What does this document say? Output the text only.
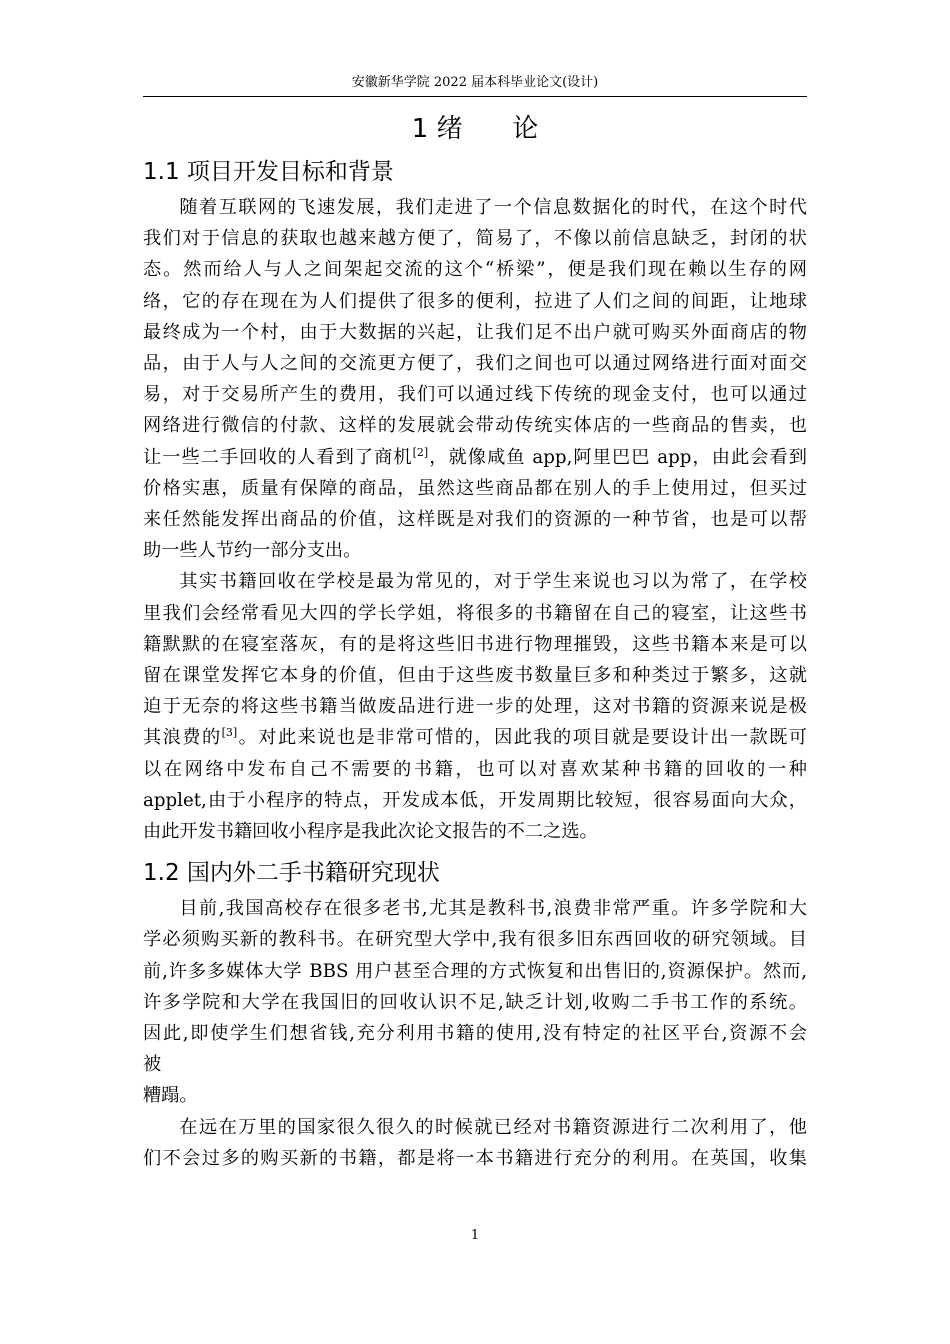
安徽新华学院 2022 届本科毕业论文(设计)
1 绪      论
1.1 项目开发目标和背景
随着互联网的飞速发展，我们走进了一个信息数据化的时代，在这个时代
我们对于信息的获取也越来越方便了，简易了，不像以前信息缺乏，封闭的状
态。然而给人与人之间架起交流的这个“桥梁”，便是我们现在赖以生存的网
络，它的存在现在为人们提供了很多的便利，拉进了人们之间的间距，让地球
最终成为一个村，由于大数据的兴起，让我们足不出户就可购买外面商店的物
品，由于人与人之间的交流更方便了，我们之间也可以通过网络进行面对面交
易，对于交易所产生的费用，我们可以通过线下传统的现金支付，也可以通过
网络进行微信的付款、这样的发展就会带动传统实体店的一些商品的售卖，也
让一些二手回收的人看到了商机[2]，就像咸鱼 app,阿里巴巴 app，由此会看到
价格实惠，质量有保障的商品，虽然这些商品都在别人的手上使用过，但买过
来任然能发挥出商品的价值，这样既是对我们的资源的一种节省，也是可以帮
助一些人节约一部分支出。
其实书籍回收在学校是最为常见的，对于学生来说也习以为常了，在学校
里我们会经常看见大四的学长学姐，将很多的书籍留在自己的寝室，让这些书
籍默默的在寝室落灰，有的是将这些旧书进行物理摧毁，这些书籍本来是可以
留在课堂发挥它本身的价值，但由于这些废书数量巨多和种类过于繁多，这就
迫于无奈的将这些书籍当做废品进行进一步的处理，这对书籍的资源来说是极
其浪费的[3]。对此来说也是非常可惜的，因此我的项目就是要设计出一款既可
以在网络中发布自己不需要的书籍，也可以对喜欢某种书籍的回收的一种
applet,由于小程序的特点，开发成本低，开发周期比较短，很容易面向大众，
由此开发书籍回收小程序是我此次论文报告的不二之选。
1.2 国内外二手书籍研究现状
目前,我国高校存在很多老书,尤其是教科书,浪费非常严重。许多学院和大
学必须购买新的教科书。在研究型大学中,我有很多旧东西回收的研究领域。目
前,许多多媒体大学 BBS 用户甚至合理的方式恢复和出售旧的,资源保护。然而,
许多学院和大学在我国旧的回收认识不足,缺乏计划,收购二手书工作的系统。
因此,即使学生们想省钱,充分利用书籍的使用,没有特定的社区平台,资源不会
被
糟蹋。
在远在万里的国家很久很久的时候就已经对书籍资源进行二次利用了，他
们不会过多的购买新的书籍，都是将一本书籍进行充分的利用。在英国，收集
1
